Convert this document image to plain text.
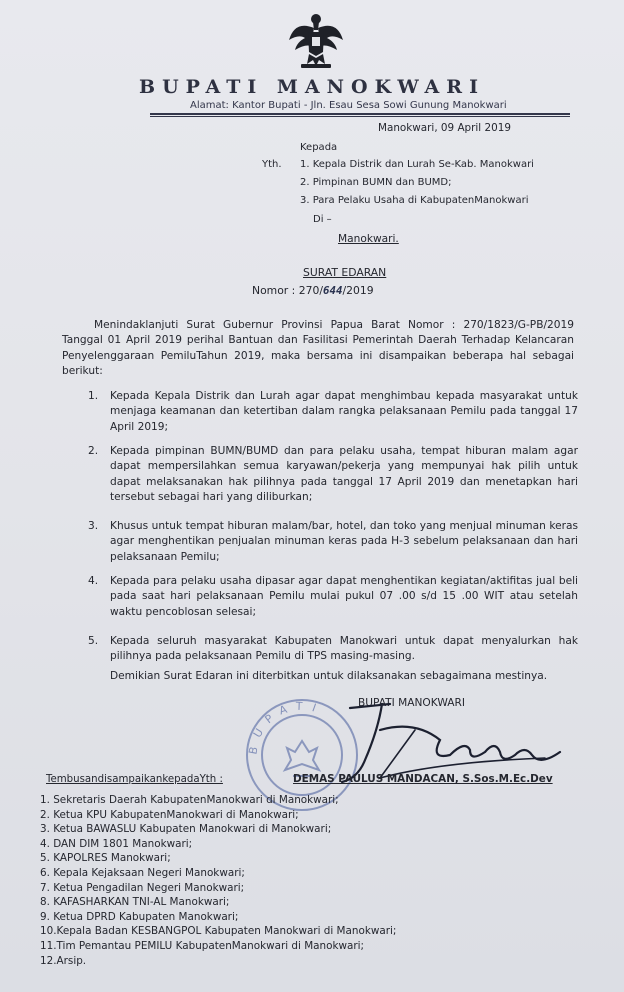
BUPATI MANOKWARI
Alamat: Kantor Bupati - Jln. Esau Sesa Sowi Gunung Manokwari
Manokwari, 09 April 2019
Kepada
Yth. 1. Kepala Distrik dan Lurah Se-Kab. Manokwari
2. Pimpinan BUMN dan BUMD;
3. Para Pelaku Usaha di KabupatenManokwari
Di –
Manokwari.
SURAT EDARAN
Nomor : 270/644/2019
Menindaklanjuti Surat Gubernur Provinsi Papua Barat Nomor : 270/1823/G-PB/2019 Tanggal 01 April 2019 perihal Bantuan dan Fasilitasi Pemerintah Daerah Terhadap Kelancaran Penyelenggaraan PemiluTahun 2019, maka bersama ini disampaikan beberapa hal sebagai berikut:
1. Kepada Kepala Distrik dan Lurah agar dapat menghimbau kepada masyarakat untuk menjaga keamanan dan ketertiban dalam rangka pelaksanaan Pemilu pada tanggal 17 April 2019;
2. Kepada pimpinan BUMN/BUMD dan para pelaku usaha, tempat hiburan malam agar dapat mempersilahkan semua karyawan/pekerja yang mempunyai hak pilih untuk dapat melaksanakan hak pilihnya pada tanggal 17 April 2019 dan menetapkan hari tersebut sebagai hari yang diliburkan;
3. Khusus untuk tempat hiburan malam/bar, hotel, dan toko yang menjual minuman keras agar menghentikan penjualan minuman keras pada H-3 sebelum pelaksanaan dan hari pelaksanaan Pemilu;
4. Kepada para pelaku usaha dipasar agar dapat menghentikan kegiatan/aktifitas jual beli pada saat hari pelaksanaan Pemilu mulai pukul 07 .00 s/d 15 .00 WIT atau setelah waktu pencoblosan selesai;
5. Kepada seluruh masyarakat Kabupaten Manokwari untuk dapat menyalurkan hak pilihnya pada pelaksanaan Pemilu di TPS masing-masing.
Demikian Surat Edaran ini diterbitkan untuk dilaksanakan sebagaimana mestinya.
BUPATI	BUPATI MANOKWARI
DEMAS PAULUS MANDACAN, S.Sos.M.Ec.Dev
TembusandisampaikankepadaYth :
1. Sekretaris Daerah KabupatenManokwari di Manokwari;
2. Ketua KPU KabupatenManokwari di Manokwari;
3. Ketua BAWASLU Kabupaten Manokwari di Manokwari;
4. DAN DIM 1801 Manokwari;
5. KAPOLRES Manokwari;
6. Kepala Kejaksaan Negeri Manokwari;
7. Ketua Pengadilan Negeri Manokwari;
8. KAFASHARKAN TNI-AL Manokwari;
9. Ketua DPRD Kabupaten Manokwari;
10.Kepala Badan KESBANGPOL Kabupaten Manokwari di Manokwari;
11.Tim Pemantau PEMILU KabupatenManokwari di Manokwari;
12.Arsip.
